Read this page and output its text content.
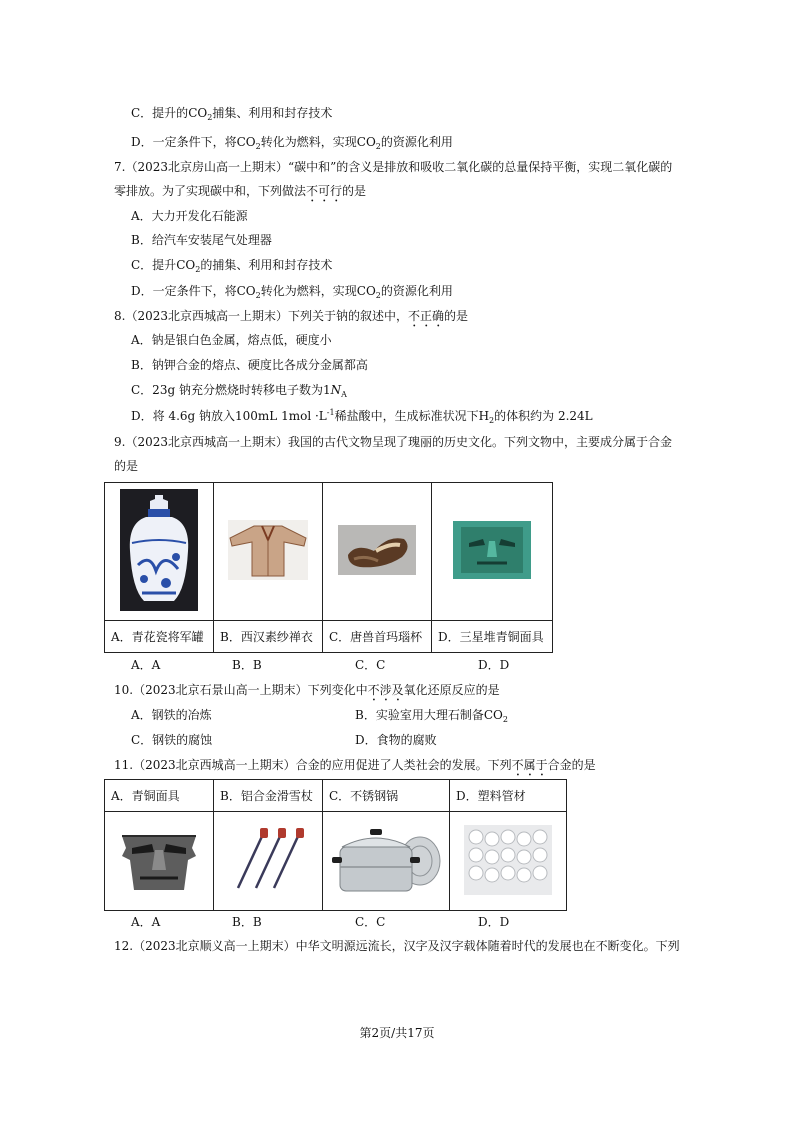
C．提升的$CO_2$捕集、利用和封存技术
D．一定条件下，将$CO_2$转化为燃料，实现$CO_2$的资源化利用
7.（2023北京房山高一上期末）“碳中和”的含义是排放和吸收二氧化碳的总量保持平衡，实现二氧化碳的
零排放。为了实现碳中和，下列做法不可行的是
A．大力开发化石能源
B．给汽车安装尾气处理器
C．提升$CO_2$的捕集、利用和封存技术
D．一定条件下，将$CO_2$转化为燃料，实现$CO_2$的资源化利用
8.（2023北京西城高一上期末）下列关于钠的叙述中，不正确的是
A．钠是银白色金属，熔点低，硬度小
B．钠钾合金的熔点、硬度比各成分金属都高
C．23g 钠充分燃烧时转移电子数为$1N_A$
D．将 4.6g 钠放入100mL $1mol \cdot L^{-1}$稀盐酸中，生成标准状况下$H_2$的体积约为 2.24L
9.（2023北京西城高一上期末）我国的古代文物呈现了瑰丽的历史文化。下列文物中，主要成分属于合金
的是

A．青花瓷将军罐	B．西汉素纱禅衣	C．唐兽首玛瑙杯	D．三星堆青铜面具
A．A	B．B	C．C	D．D
10.（2023北京石景山高一上期末）下列变化中不涉及氧化还原反应的是
A．钢铁的冶炼	B．实验室用大理石制备$CO_2$
C．钢铁的腐蚀	D．食物的腐败
11.（2023北京西城高一上期末）合金的应用促进了人类社会的发展。下列不属于合金的是
A．青铜面具	B．铝合金滑雪杖	C．不锈钢锅	D．塑料管材

A．A	B．B	C．C	D．D
12.（2023北京顺义高一上期末）中华文明源远流长，汉字及汉字载体随着时代的发展也在不断变化。下列
第2页/共17页
